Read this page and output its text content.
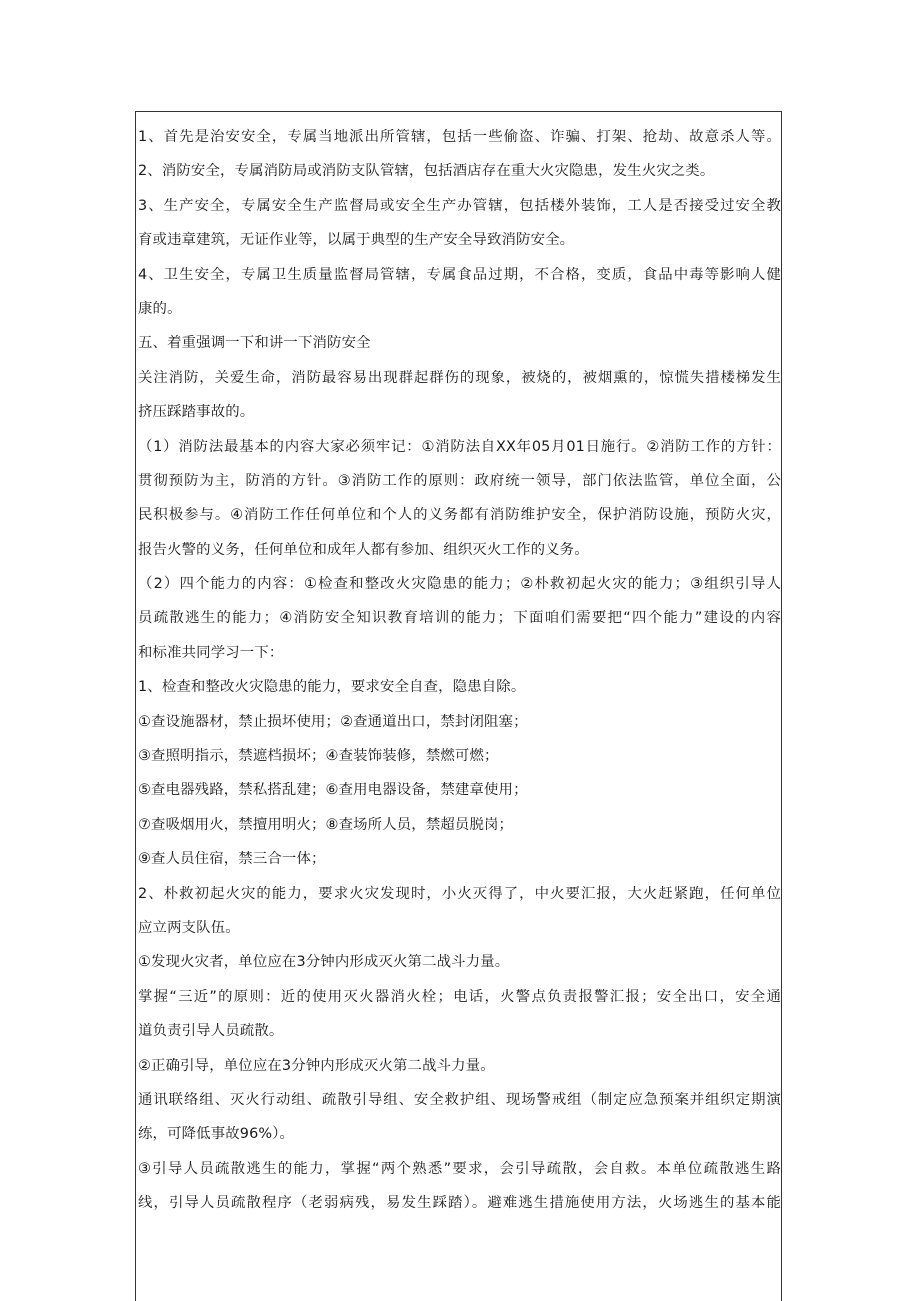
1、首先是治安安全，专属当地派出所管辖，包括一些偷盗、诈骗、打架、抢劫、故意杀人等。
2、消防安全，专属消防局或消防支队管辖，包括酒店存在重大火灾隐患，发生火灾之类。
3、生产安全，专属安全生产监督局或安全生产办管辖，包括楼外装饰，工人是否接受过安全教
育或违章建筑，无证作业等，以属于典型的生产安全导致消防安全。
4、卫生安全，专属卫生质量监督局管辖，专属食品过期，不合格，变质，食品中毒等影响人健
康的。
五、着重强调一下和讲一下消防安全
关注消防，关爱生命，消防最容易出现群起群伤的现象，被烧的，被烟熏的，惊慌失措楼梯发生
挤压踩踏事故的。
（1）消防法最基本的内容大家必须牢记：①消防法自XX年05月01日施行。②消防工作的方针：
贯彻预防为主，防消的方针。③消防工作的原则：政府统一领导，部门依法监管，单位全面，公
民积极参与。④消防工作任何单位和个人的义务都有消防维护安全，保护消防设施，预防火灾，
报告火警的义务，任何单位和成年人都有参加、组织灭火工作的义务。
（2）四个能力的内容：①检查和整改火灾隐患的能力；②朴救初起火灾的能力；③组织引导人
员疏散逃生的能力；④消防安全知识教育培训的能力；下面咱们需要把“四个能力”建设的内容
和标准共同学习一下：
1、检查和整改火灾隐患的能力，要求安全自查，隐患自除。
①查设施器材，禁止损坏使用；②查通道出口，禁封闭阻塞；
③查照明指示，禁遮档损坏；④查装饰装修，禁燃可燃；
⑤查电器残路，禁私搭乱建；⑥查用电器设备，禁建章使用；
⑦查吸烟用火，禁擅用明火；⑧查场所人员，禁超员脱岗；
⑨查人员住宿，禁三合一体；
2、朴救初起火灾的能力，要求火灾发现时，小火灭得了，中火要汇报，大火赶紧跑，任何单位
应立两支队伍。
①发现火灾者，单位应在3分钟内形成灭火第二战斗力量。
掌握“三近”的原则：近的使用灭火器消火栓；电话，火警点负责报警汇报；安全出口，安全通
道负责引导人员疏散。
②正确引导，单位应在3分钟内形成灭火第二战斗力量。
通讯联络组、灭火行动组、疏散引导组、安全救护组、现场警戒组（制定应急预案并组织定期演
练，可降低事故96%）。
③引导人员疏散逃生的能力，掌握“两个熟悉”要求，会引导疏散，会自救。本单位疏散逃生路
线，引导人员疏散程序（老弱病残，易发生踩踏）。避难逃生措施使用方法，火场逃生的基本能
